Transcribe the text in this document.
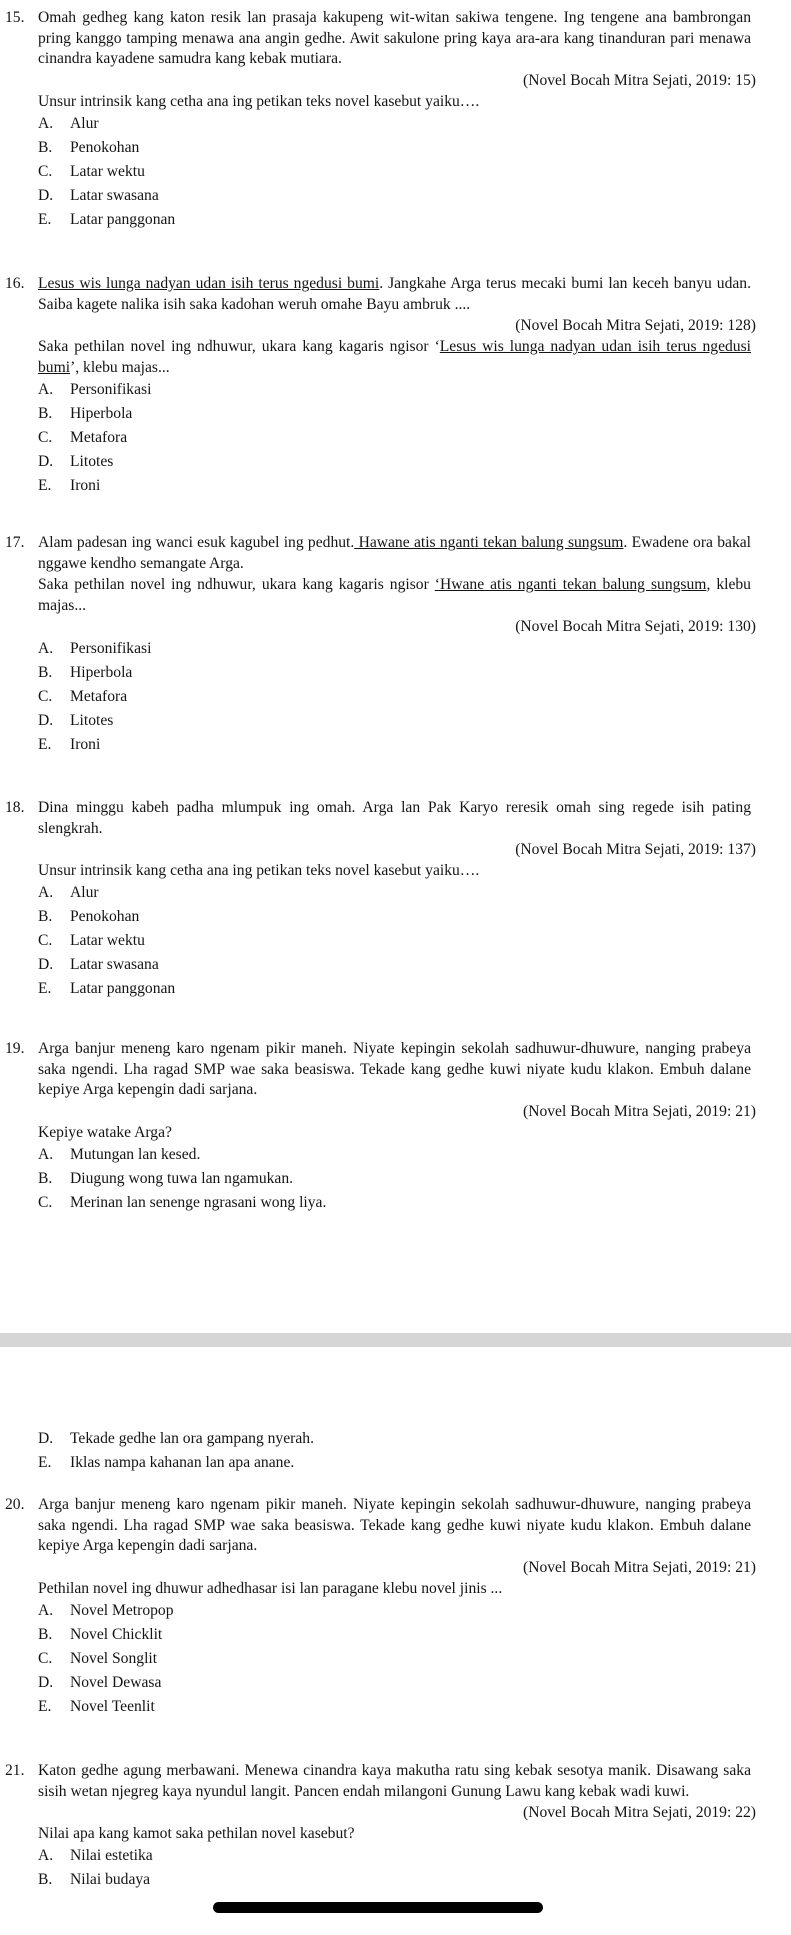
15. Omah gedheg kang katon resik lan prasaja kakupeng wit-witan sakiwa tengene. Ing tengene ana bambrongan pring kanggo tamping menawa ana angin gedhe. Awit sakulone pring kaya ara-ara kang tinanduran pari menawa cinandra kayadene samudra kang kebak mutiara.

(Novel Bocah Mitra Sejati, 2019: 15)

Unsur intrinsik kang cetha ana ing petikan teks novel kasebut yaiku….

A. Alur
B. Penokohan
C. Latar wektu
D. Latar swasana
E. Latar panggonan

16. Lesus wis lunga nadyan udan isih terus ngedusi bumi. Jangkahe Arga terus mecaki bumi lan keceh banyu udan. Saiba kagete nalika isih saka kadohan weruh omahe Bayu ambruk ....

(Novel Bocah Mitra Sejati, 2019: 128)

Saka pethilan novel ing ndhuwur, ukara kang kagaris ngisor ‘Lesus wis lunga nadyan udan isih terus ngedusi bumi’, klebu majas...

A. Personifikasi
B. Hiperbola
C. Metafora
D. Litotes
E. Ironi

17. Alam padesan ing wanci esuk kagubel ing pedhut. Hawane atis nganti tekan balung sungsum. Ewadene ora bakal nggawe kendho semangate Arga.

Saka pethilan novel ing ndhuwur, ukara kang kagaris ngisor ‘Hwane atis nganti tekan balung sungsum, klebu majas...

(Novel Bocah Mitra Sejati, 2019: 130)

A. Personifikasi
B. Hiperbola
C. Metafora
D. Litotes
E. Ironi

18. Dina minggu kabeh padha mlumpuk ing omah. Arga lan Pak Karyo reresik omah sing regede isih pating slengkrah.

(Novel Bocah Mitra Sejati, 2019: 137)

Unsur intrinsik kang cetha ana ing petikan teks novel kasebut yaiku….

A. Alur
B. Penokohan
C. Latar wektu
D. Latar swasana
E. Latar panggonan

19. Arga banjur meneng karo ngenam pikir maneh. Niyate kepingin sekolah sadhuwur-dhuwure, nanging prabeya saka ngendi. Lha ragad SMP wae saka beasiswa. Tekade kang gedhe kuwi niyate kudu klakon. Embuh dalane kepiye Arga kepengin dadi sarjana.

(Novel Bocah Mitra Sejati, 2019: 21)

Kepiye watake Arga?

A. Mutungan lan kesed.
B. Diugung wong tuwa lan ngamukan.
C. Merinan lan senenge ngrasani wong liya.
D. Tekade gedhe lan ora gampang nyerah.
E. Iklas nampa kahanan lan apa anane.

20. Arga banjur meneng karo ngenam pikir maneh. Niyate kepingin sekolah sadhuwur-dhuwure, nanging prabeya saka ngendi. Lha ragad SMP wae saka beasiswa. Tekade kang gedhe kuwi niyate kudu klakon. Embuh dalane kepiye Arga kepengin dadi sarjana.

(Novel Bocah Mitra Sejati, 2019: 21)

Pethilan novel ing dhuwur adhedhasar isi lan paragane klebu novel jinis ...

A. Novel Metropop
B. Novel Chicklit
C. Novel Songlit
D. Novel Dewasa
E. Novel Teenlit

21. Katon gedhe agung merbawani. Menewa cinandra kaya makutha ratu sing kebak sesotya manik. Disawang saka sisih wetan njegreg kaya nyundul langit. Pancen endah milangoni Gunung Lawu kang kebak wadi kuwi.

(Novel Bocah Mitra Sejati, 2019: 22)

Nilai apa kang kamot saka pethilan novel kasebut?

A. Nilai estetika
B. Nilai budaya
